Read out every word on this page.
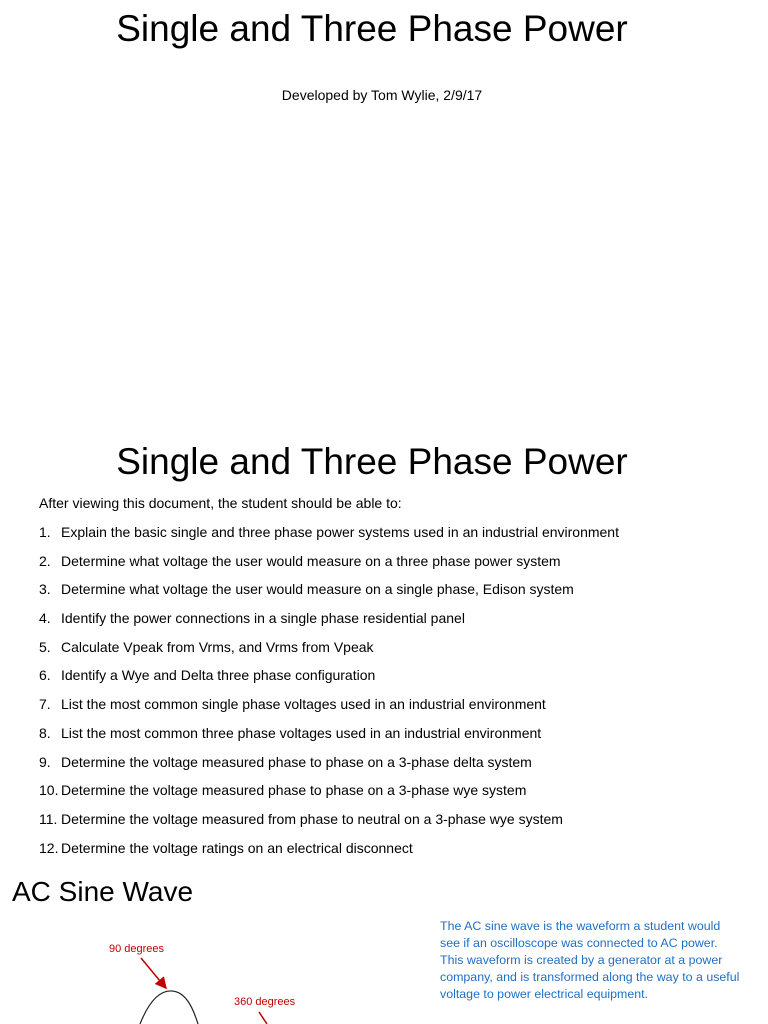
Single and Three Phase Power
Developed by Tom Wylie, 2/9/17
Single and Three Phase Power
After viewing this document, the student should be able to:
1. Explain the basic single and three phase power systems used in an industrial environment
2. Determine what voltage the user would measure on a three phase power system
3. Determine what voltage the user would measure on a single phase, Edison system
4. Identify the power connections in a single phase residential panel
5. Calculate Vpeak from Vrms, and Vrms from Vpeak
6. Identify a Wye and Delta three phase configuration
7. List the most common single phase voltages used in an industrial environment
8. List the most common three phase voltages used in an industrial environment
9. Determine the voltage measured phase to phase on a 3-phase delta system
10. Determine the voltage measured phase to phase on a 3-phase wye system
11. Determine the voltage measured from phase to neutral on a 3-phase wye system
12. Determine the voltage ratings on an electrical disconnect
AC Sine Wave
90 degrees
360 degrees
The AC sine wave is the waveform a student would see if an oscilloscope was connected to AC power. This waveform is created by a generator at a power company, and is transformed along the way to a useful voltage to power electrical equipment.
